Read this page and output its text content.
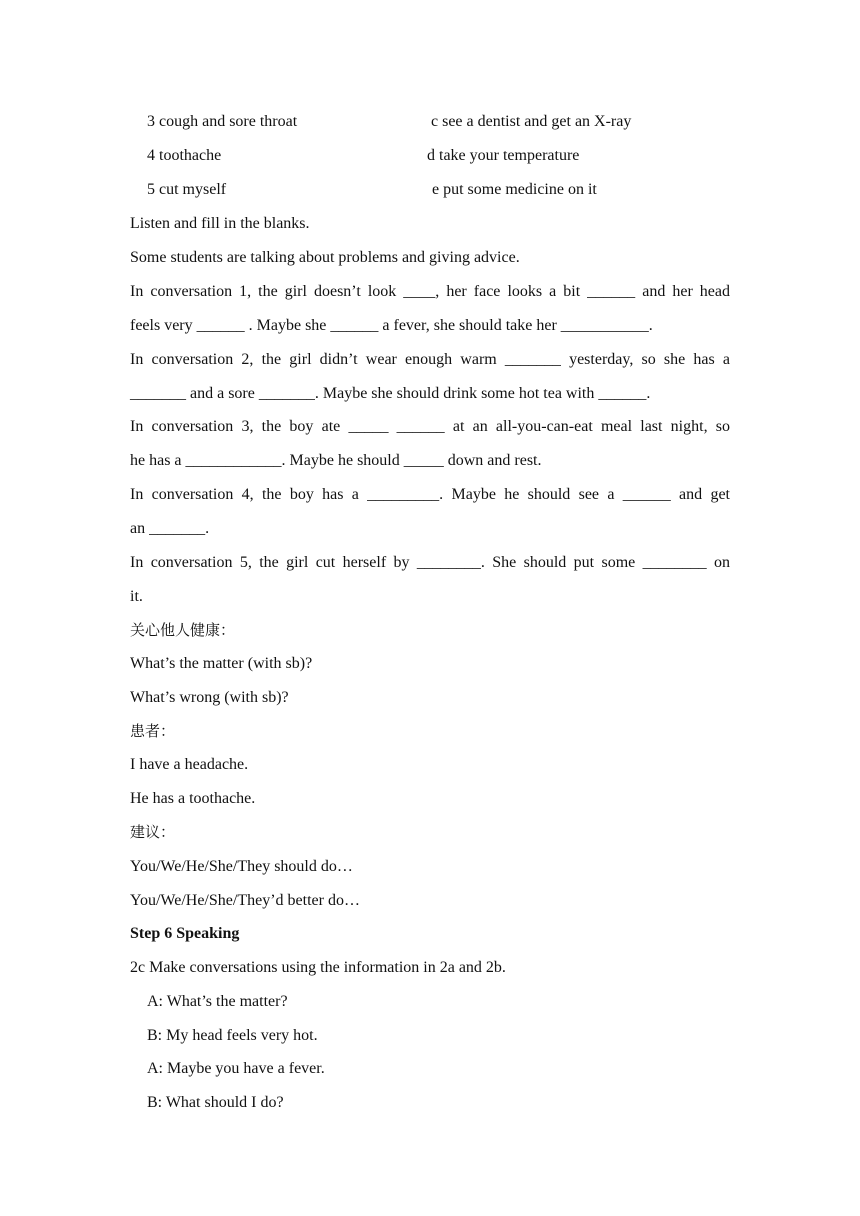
3 cough and sore throat	c see a dentist and get an X-ray
4 toothache	d take your temperature
5 cut myself	e put some medicine on it
Listen and fill in the blanks.
Some students are talking about problems and giving advice.
In conversation 1, the girl doesn’t look ____, her face looks a bit ______ and her head
feels very ______ . Maybe she ______ a fever, she should take her ___________.
In conversation 2, the girl didn’t wear enough warm _______ yesterday, so she has a
_______ and a sore _______. Maybe she should drink some hot tea with ______.
In conversation 3, the boy ate _____ ______ at an all-you-can-eat meal last night, so
he has a ____________. Maybe he should _____ down and rest.
In conversation 4, the boy has a _________. Maybe he should see a ______ and get
an _______.
In conversation 5, the girl cut herself by ________. She should put some ________ on
it.
关心他人健康：
What’s the matter (with sb)?
What’s wrong (with sb)?
患者：
I have a headache.
He has a toothache.
建议：
You/We/He/She/They should do…
You/We/He/She/They’d better do…
Step 6 Speaking
2c Make conversations using the information in 2a and 2b.
A: What’s the matter?
B: My head feels very hot.
A: Maybe you have a fever.
B: What should I do?
